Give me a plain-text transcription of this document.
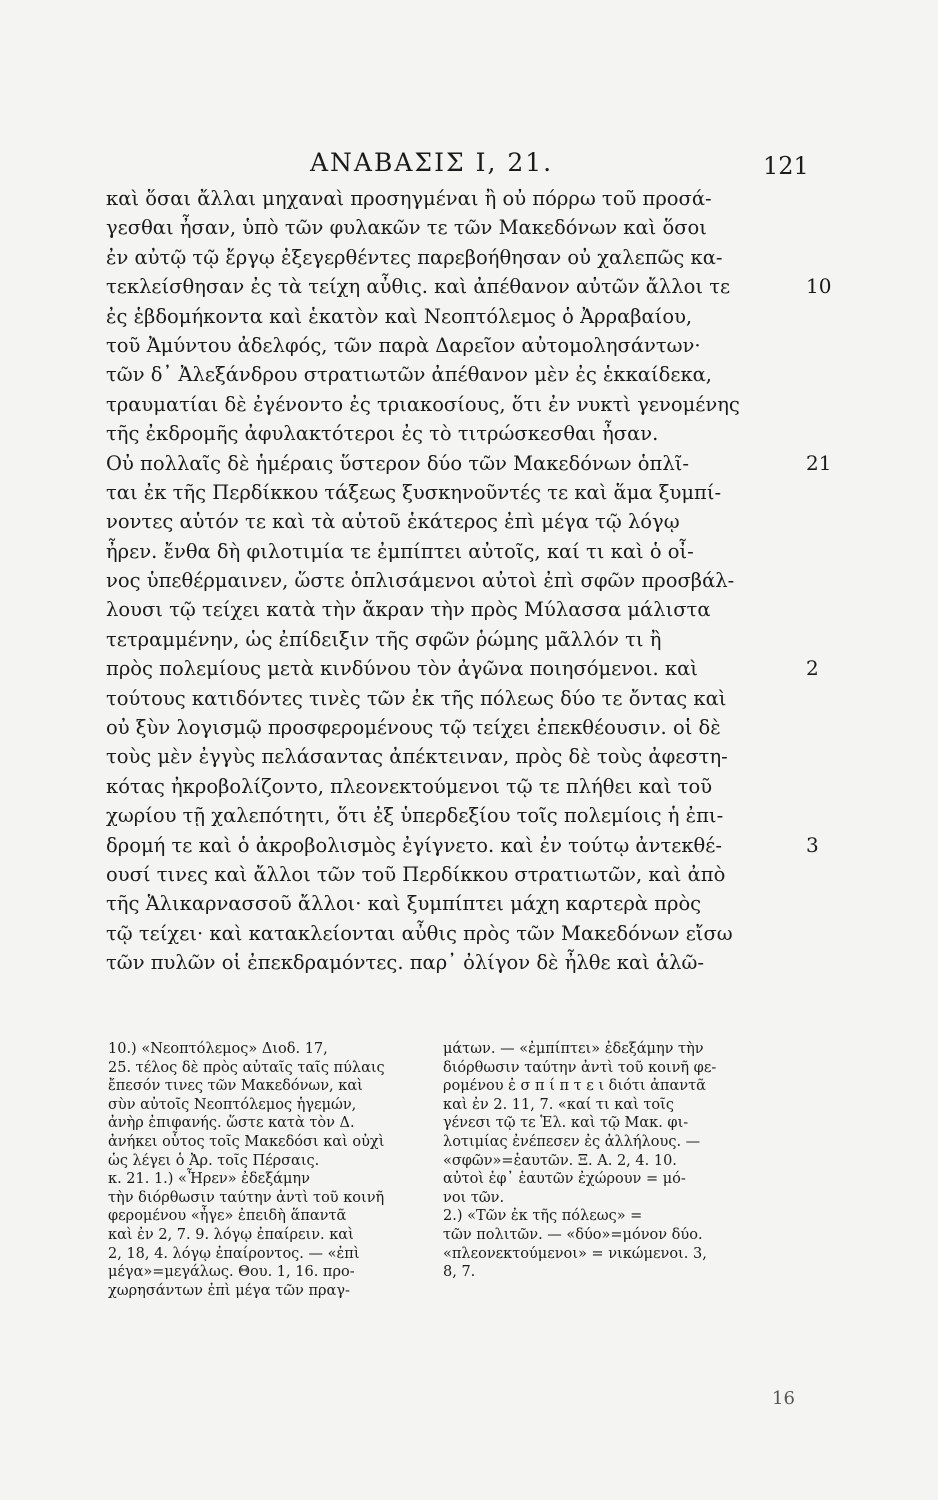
ΑΝΑΒΑΣΙΣ Ι, 21.	121
καὶ ὅσαι ἄλλαι μηχαναὶ προσηγμέναι ἢ οὐ πόρρω τοῦ προσά-
γεσθαι ἦσαν, ὑπὸ τῶν φυλακῶν τε τῶν Μακεδόνων καὶ ὅσοι
ἐν αὐτῷ τῷ ἔργῳ ἐξεγερθέντες παρεβοήθησαν οὐ χαλεπῶς κα-
τεκλείσθησαν ἐς τὰ τείχη αὖθις. καὶ ἀπέθανον αὐτῶν ἄλλοι τε	10
ἐς ἑβδομήκοντα καὶ ἑκατὸν καὶ Νεοπτόλεμος ὁ Ἀρραβαίου,
τοῦ Ἀμύντου ἀδελφός, τῶν παρὰ Δαρεῖον αὐτομολησάντων·
τῶν δ᾽ Ἀλεξάνδρου στρατιωτῶν ἀπέθανον μὲν ἐς ἑκκαίδεκα,
τραυματίαι δὲ ἐγένοντο ἐς τριακοσίους, ὅτι ἐν νυκτὶ γενομένης
τῆς ἐκδρομῆς ἀφυλακτότεροι ἐς τὸ τιτρώσκεσθαι ἦσαν.
Οὐ πολλαῖς δὲ ἡμέραις ὕστερον δύο τῶν Μακεδόνων ὁπλῖ-	21
ται ἐκ τῆς Περδίκκου τάξεως ξυσκηνοῦντές τε καὶ ἅμα ξυμπί-
νοντες αὑτόν τε καὶ τὰ αὑτοῦ ἑκάτερος ἐπὶ μέγα τῷ λόγῳ
ἦρεν. ἔνθα δὴ φιλοτιμία τε ἐμπίπτει αὐτοῖς, καί τι καὶ ὁ οἶ-
νος ὑπεθέρμαινεν, ὥστε ὁπλισάμενοι αὐτοὶ ἐπὶ σφῶν προσβάλ-
λουσι τῷ τείχει κατὰ τὴν ἄκραν τὴν πρὸς Μύλασσα μάλιστα
τετραμμένην, ὡς ἐπίδειξιν τῆς σφῶν ῥώμης μᾶλλόν τι ἢ
πρὸς πολεμίους μετὰ κινδύνου τὸν ἀγῶνα ποιησόμενοι. καὶ	2
τούτους κατιδόντες τινὲς τῶν ἐκ τῆς πόλεως δύο τε ὄντας καὶ
οὐ ξὺν λογισμῷ προσφερομένους τῷ τείχει ἐπεκθέουσιν. οἱ δὲ
τοὺς μὲν ἐγγὺς πελάσαντας ἀπέκτειναν, πρὸς δὲ τοὺς ἀφεστη-
κότας ἠκροβολίζοντο, πλεονεκτούμενοι τῷ τε πλήθει καὶ τοῦ
χωρίου τῇ χαλεπότητι, ὅτι ἐξ ὑπερδεξίου τοῖς πολεμίοις ἡ ἐπι-
δρομή τε καὶ ὁ ἀκροβολισμὸς ἐγίγνετο. καὶ ἐν τούτῳ ἀντεκθέ-	3
ουσί τινες καὶ ἄλλοι τῶν τοῦ Περδίκκου στρατιωτῶν, καὶ ἀπὸ
τῆς Ἁλικαρνασσοῦ ἄλλοι· καὶ ξυμπίπτει μάχη καρτερὰ πρὸς
τῷ τείχει· καὶ κατακλείονται αὖθις πρὸς τῶν Μακεδόνων εἴσω
τῶν πυλῶν οἱ ἐπεκδραμόντες. παρ᾽ ὀλίγον δὲ ἦλθε καὶ ἁλῶ-
10.) «Νεοπτόλεμος» Διοδ. 17,
25. τέλος δὲ πρὸς αὐταῖς ταῖς πύλαις
ἔπεσόν τινες τῶν Μακεδόνων, καὶ
σὺν αὐτοῖς Νεοπτόλεμος ἡγεμών,
ἀνὴρ ἐπιφανής. ὥστε κατὰ τὸν Δ.
ἀνήκει οὗτος τοῖς Μακεδόσι καὶ οὐχὶ
ὡς λέγει ὁ Ἀρ. τοῖς Πέρσαις.
κ. 21. 1.) «Ἦρεν» ἐδεξάμην
τὴν διόρθωσιν ταύτην ἀντὶ τοῦ κοινῆ
φερομένου «ἦγε» ἐπειδὴ ἅπαντᾶ
καὶ ἐν 2, 7. 9. λόγῳ ἐπαίρειν. καὶ
2, 18, 4. λόγῳ ἐπαίροντος. — «ἐπὶ
μέγα»=μεγάλως. Θου. 1, 16. προ-
χωρησάντων ἐπὶ μέγα τῶν πραγ-
μάτων. — «ἐμπίπτει» ἐδεξάμην τὴν
διόρθωσιν ταύτην ἀντὶ τοῦ κοινῆ φε-
ρομένου ἐ σ π ί π τ ε ι διότι ἀπαντᾶ
καὶ ἐν 2. 11, 7. «καί τι καὶ τοῖς
γένεσι τῷ τε Ἑλ. καὶ τῷ Μακ. φι-
λοτιμίας ἐνέπεσεν ἐς ἀλλήλους. —
«σφῶν»=ἑαυτῶν. Ξ. Α. 2, 4. 10.
αὐτοὶ ἐφ᾽ ἑαυτῶν ἐχώρουν = μό-
νοι τῶν.
2.) «Τῶν ἐκ τῆς πόλεως» =
τῶν πολιτῶν. — «δύο»=μόνον δύο.
«πλεονεκτούμενοι» = νικώμενοι. 3,
8, 7.
16
